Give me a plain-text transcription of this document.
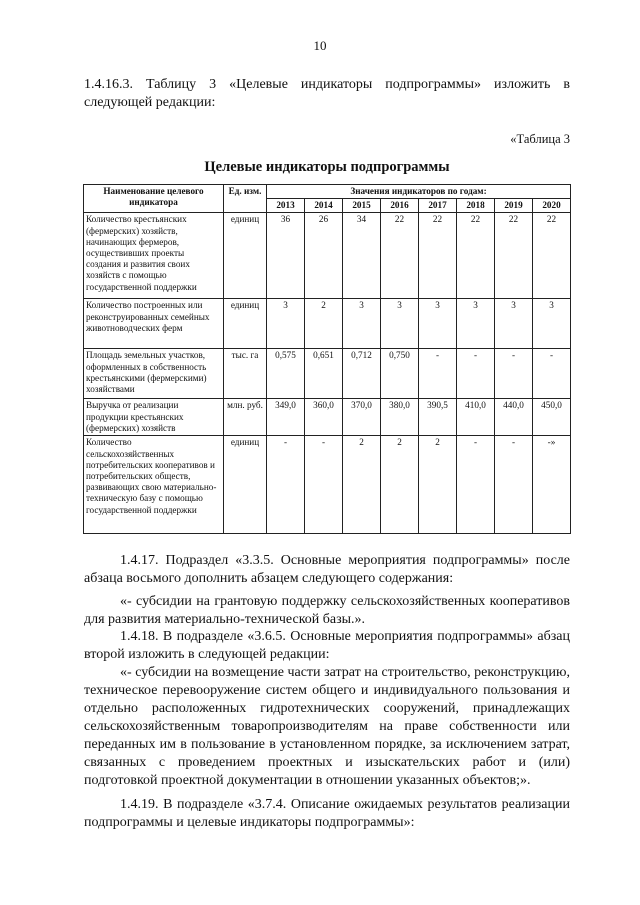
10
1.4.16.3. Таблицу 3 «Целевые индикаторы подпрограммы» изложить в следующей редакции:
«Таблица 3
Целевые индикаторы подпрограммы
Наименование целевого индикатора	Ед. изм.	Значения индикаторов по годам:							
		2013	2014	2015	2016	2017	2018	2019	2020
Количество крестьянских (фермерских) хозяйств, начинающих фермеров, осуществивших проекты создания и развития своих хозяйств с помощью государственной поддержки	единиц	36	26	34	22	22	22	22	22
Количество построенных или реконструированных семейных животноводческих ферм	единиц	3	2	3	3	3	3	3	3
Площадь земельных участков, оформленных в собственность крестьянскими (фермерскими) хозяйствами	тыс. га	0,575	0,651	0,712	0,750	-	-	-	-
Выручка от реализации продукции крестьянских (фермерских) хозяйств	млн. руб.	349,0	360,0	370,0	380,0	390,5	410,0	440,0	450,0
Количество сельскохозяйственных потребительских кооперативов и потребительских обществ, развивающих свою материально-техническую базу с помощью государственной поддержки	единиц	-	-	2	2	2	-	-	-»
1.4.17. Подраздел «3.3.5. Основные мероприятия подпрограммы» после абзаца восьмого дополнить абзацем следующего содержания:
«- субсидии на грантовую поддержку сельскохозяйственных кооперативов для развития материально-технической базы.».
1.4.18. В подразделе «3.6.5. Основные мероприятия подпрограммы» абзац второй изложить в следующей редакции:
«- субсидии на возмещение части затрат на строительство, реконструкцию, техническое перевооружение систем общего и индивидуального пользования и отдельно расположенных гидротехнических сооружений, принадлежащих сельскохозяйственным товаропроизводителям на праве собственности или переданных им в пользование в установленном порядке, за исключением затрат, связанных с проведением проектных и изыскательских работ и (или) подготовкой проектной документации в отношении указанных объектов;».
1.4.19. В подразделе «3.7.4. Описание ожидаемых результатов реализации подпрограммы и целевые индикаторы подпрограммы»:
